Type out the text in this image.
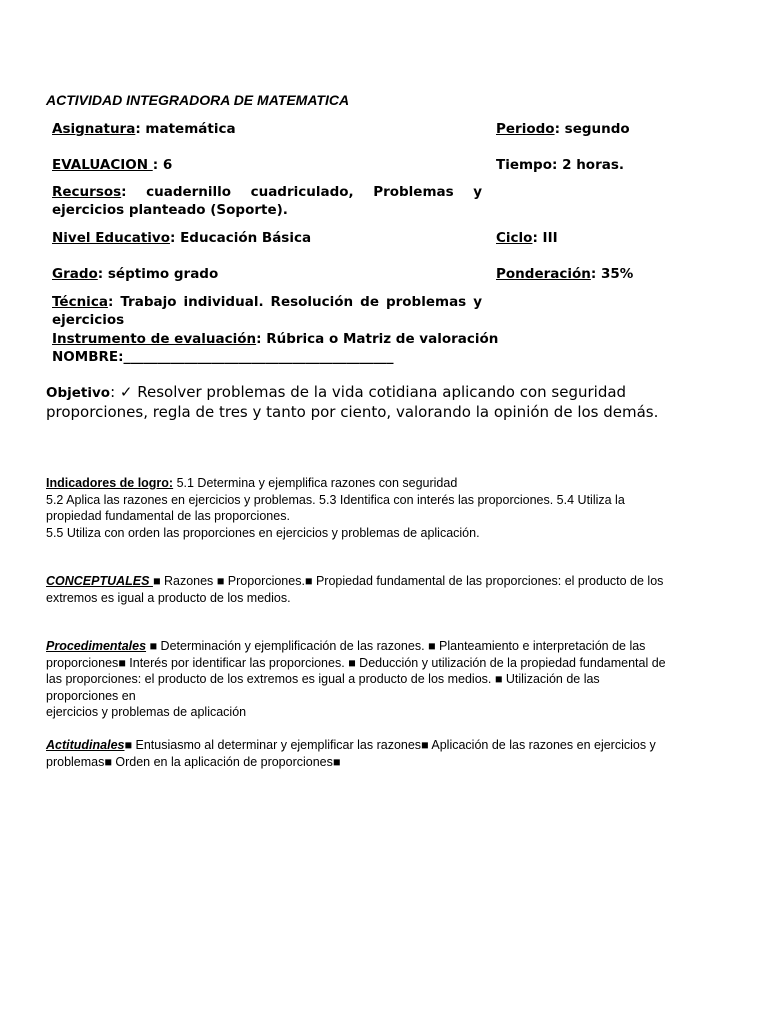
ACTIVIDAD INTEGRADORA DE MATEMATICA
Asignatura: matemática	Periodo: segundo
EVALUACION : 6	Tiempo: 2 horas.
Recursos: cuadernillo cuadriculado, Problemas y ejercicios planteado (Soporte).
Nivel Educativo: Educación Básica	Ciclo: III
Grado: séptimo grado	Ponderación: 35%
Técnica: Trabajo individual. Resolución de problemas y ejercicios
Instrumento de evaluación: Rúbrica o Matriz de valoración
NOMBRE:________________________________________
Objetivo: ✓ Resolver problemas de la vida cotidiana aplicando con seguridad proporciones, regla de tres y tanto por ciento, valorando la opinión de los demás.
Indicadores de logro: 5.1 Determina y ejemplifica razones con seguridad
5.2 Aplica las razones en ejercicios y problemas. 5.3 Identifica con interés las proporciones. 5.4 Utiliza la propiedad fundamental de las proporciones.
5.5 Utiliza con orden las proporciones en ejercicios y problemas de aplicación.
CONCEPTUALES ■ Razones ■ Proporciones.■ Propiedad fundamental de las proporciones: el producto de los extremos es igual a producto de los medios.
Procedimentales ■ Determinación y ejemplificación de las razones. ■ Planteamiento e interpretación de las proporciones■ Interés por identificar las proporciones. ■ Deducción y utilización de la propiedad fundamental de las proporciones: el producto de los extremos es igual a producto de los medios. ■ Utilización de las proporciones en
ejercicios y problemas de aplicación
Actitudinales■ Entusiasmo al determinar y ejemplificar las razones■ Aplicación de las razones en ejercicios y problemas■ Orden en la aplicación de proporciones■
